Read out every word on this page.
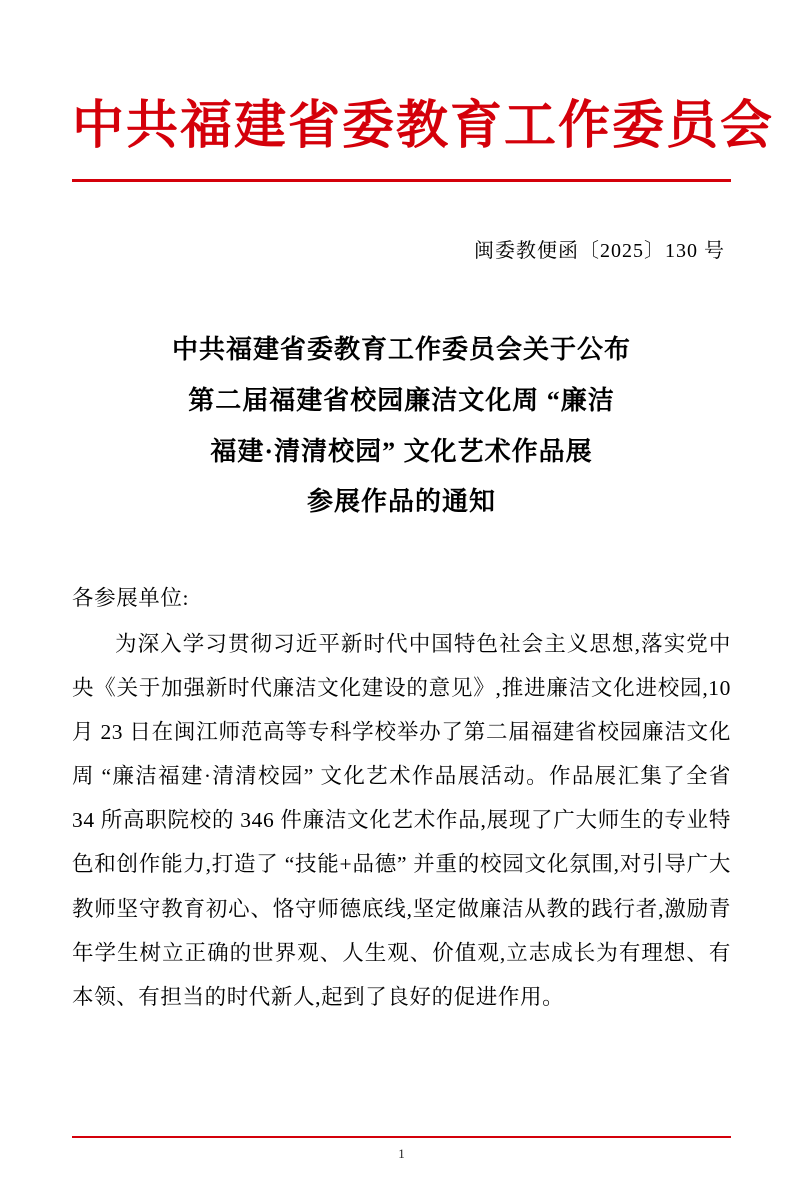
中共福建省委教育工作委员会
闽委教便函〔2025〕130 号
中共福建省委教育工作委员会关于公布
第二届福建省校园廉洁文化周 “廉洁
福建·清清校园” 文化艺术作品展
参展作品的通知
各参展单位:
为深入学习贯彻习近平新时代中国特色社会主义思想,落实党中央《关于加强新时代廉洁文化建设的意见》,推进廉洁文化进校园,10 月 23 日在闽江师范高等专科学校举办了第二届福建省校园廉洁文化周 “廉洁福建·清清校园” 文化艺术作品展活动。作品展汇集了全省 34 所高职院校的 346 件廉洁文化艺术作品,展现了广大师生的专业特色和创作能力,打造了 “技能+品德” 并重的校园文化氛围,对引导广大教师坚守教育初心、恪守师德底线,坚定做廉洁从教的践行者,激励青年学生树立正确的世界观、人生观、价值观,立志成长为有理想、有本领、有担当的时代新人,起到了良好的促进作用。
1
